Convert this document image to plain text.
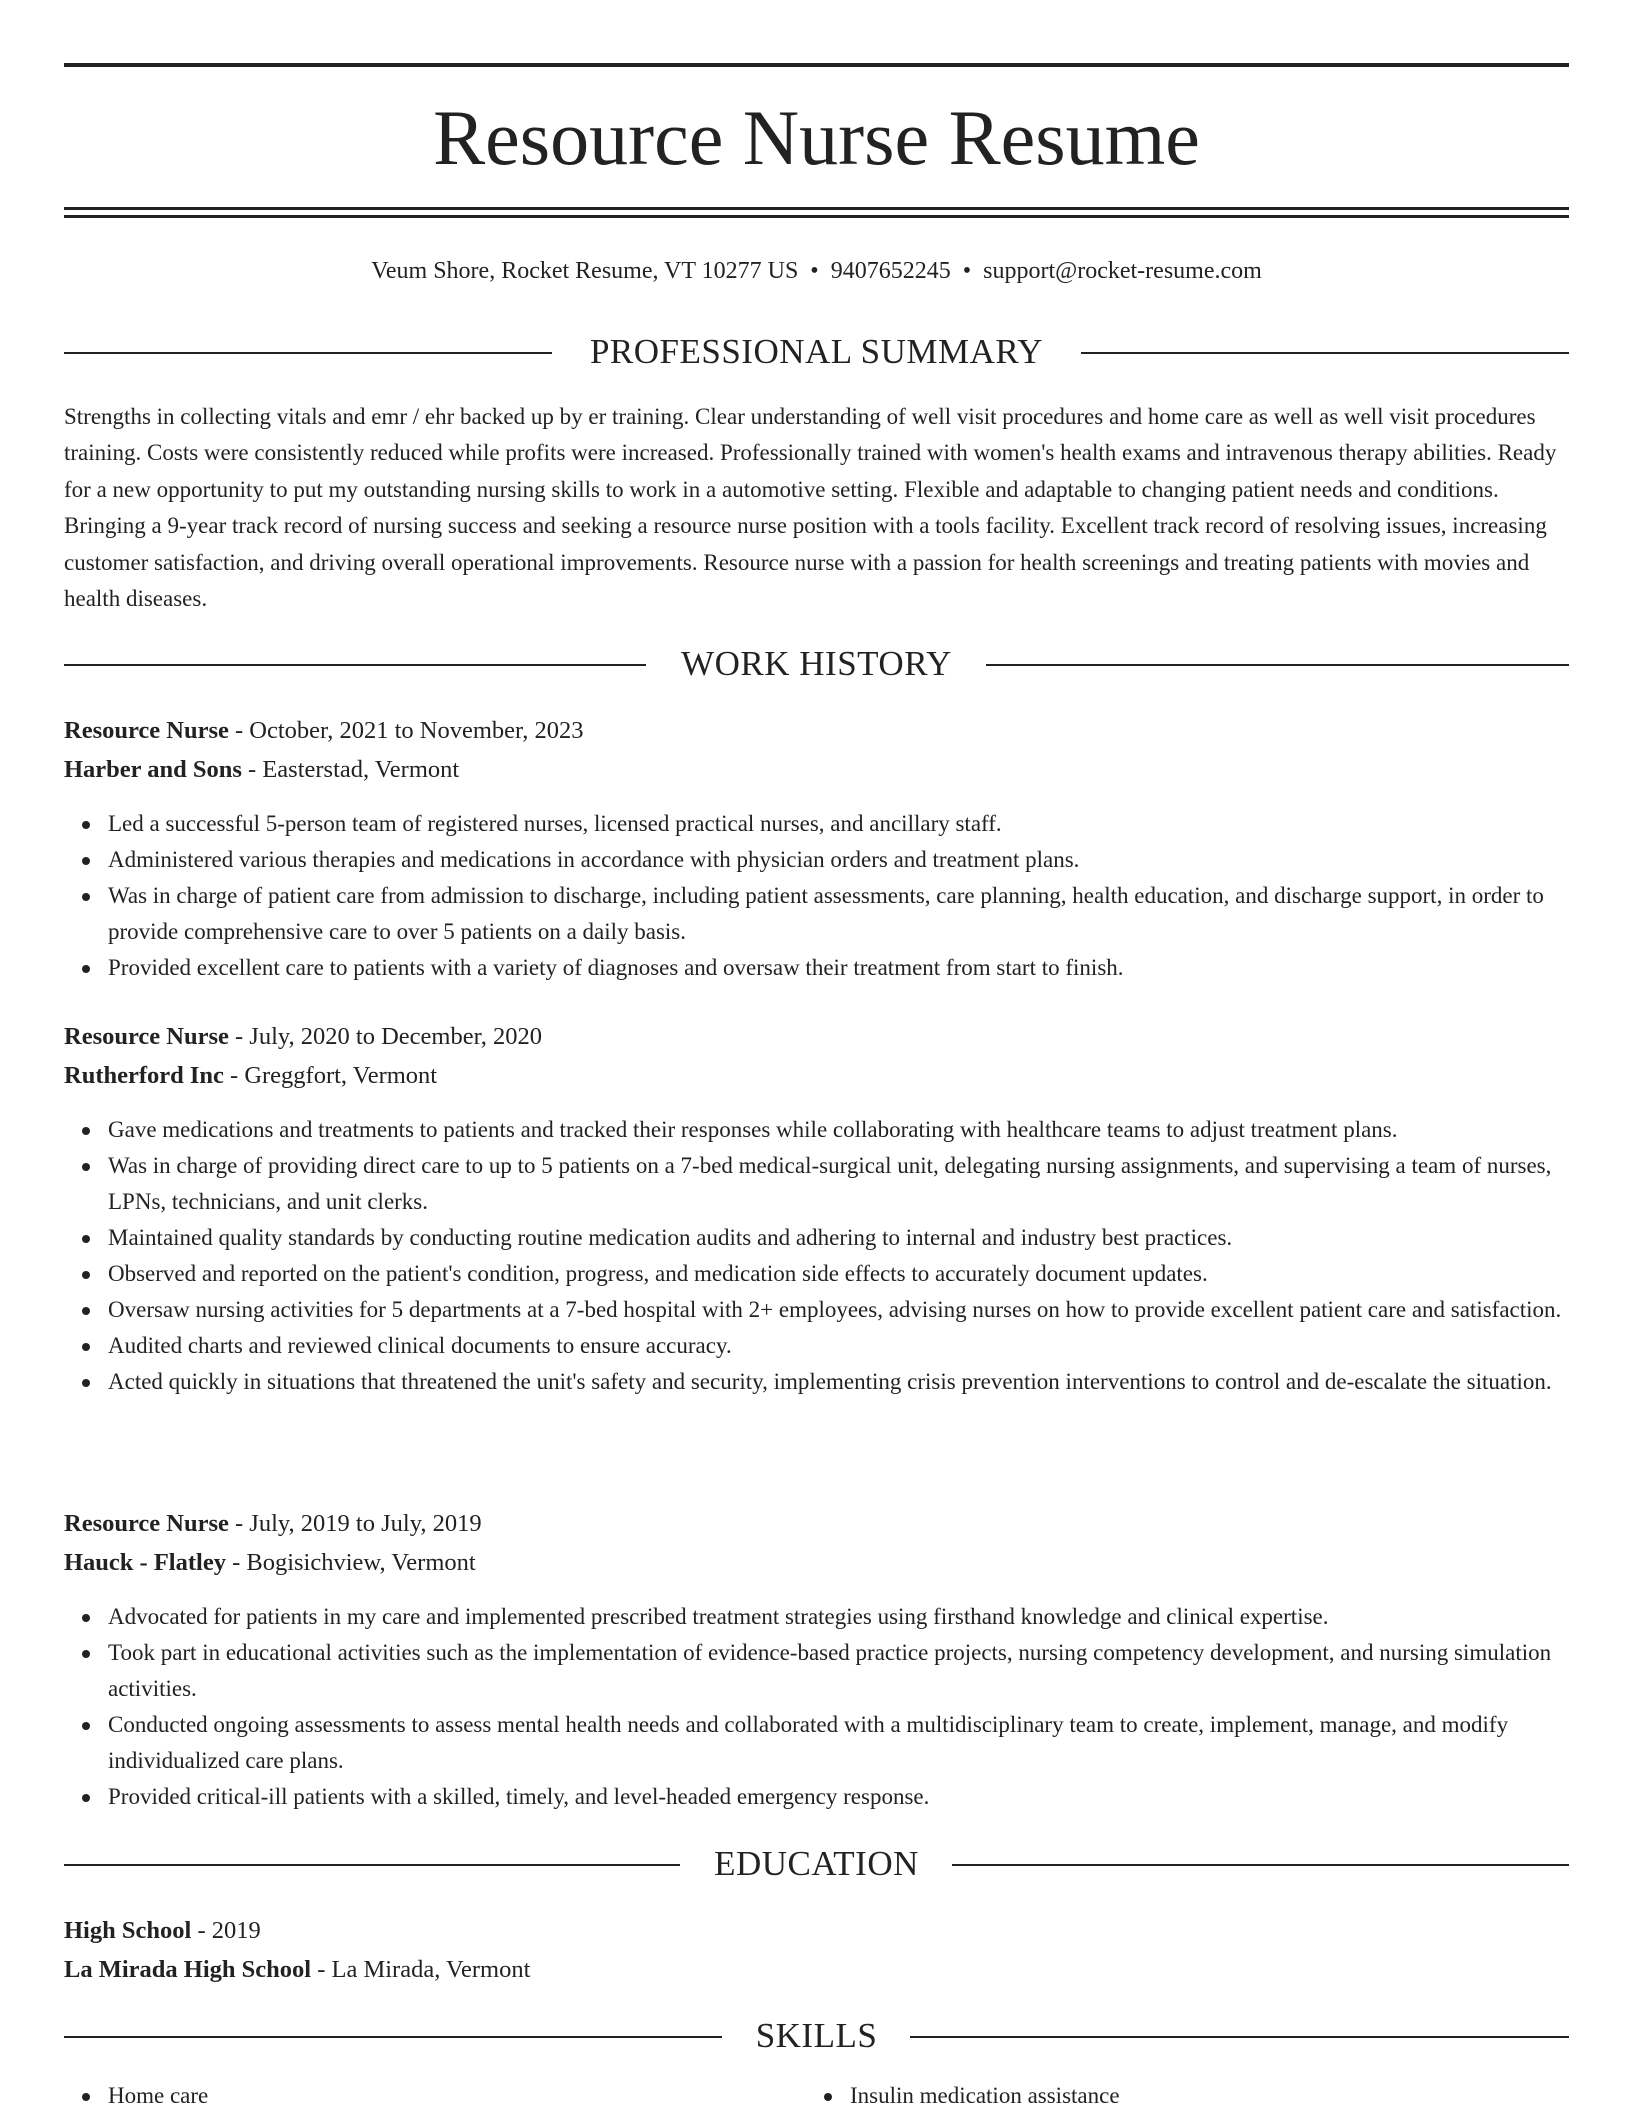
Resource Nurse Resume
Veum Shore, Rocket Resume, VT 10277 US • 9407652245 • support@rocket-resume.com
PROFESSIONAL SUMMARY

Strengths in collecting vitals and emr / ehr backed up by er training. Clear understanding of well visit procedures and home care as well as well visit procedures training. Costs were consistently reduced while profits were increased. Professionally trained with women's health exams and intravenous therapy abilities. Ready for a new opportunity to put my outstanding nursing skills to work in a automotive setting. Flexible and adaptable to changing patient needs and conditions. Bringing a 9-year track record of nursing success and seeking a resource nurse position with a tools facility. Excellent track record of resolving issues, increasing customer satisfaction, and driving overall operational improvements. Resource nurse with a passion for health screenings and treating patients with movies and health diseases.

WORK HISTORY
Resource Nurse - October, 2021 to November, 2023
Harber and Sons - Easterstad, Vermont
Led a successful 5-person team of registered nurses, licensed practical nurses, and ancillary staff.
Administered various therapies and medications in accordance with physician orders and treatment plans.
Was in charge of patient care from admission to discharge, including patient assessments, care planning, health education, and discharge support, in order to provide comprehensive care to over 5 patients on a daily basis.
Provided excellent care to patients with a variety of diagnoses and oversaw their treatment from start to finish.
Resource Nurse - July, 2020 to December, 2020
Rutherford Inc - Greggfort, Vermont
Gave medications and treatments to patients and tracked their responses while collaborating with healthcare teams to adjust treatment plans.
Was in charge of providing direct care to up to 5 patients on a 7-bed medical-surgical unit, delegating nursing assignments, and supervising a team of nurses, LPNs, technicians, and unit clerks.
Maintained quality standards by conducting routine medication audits and adhering to internal and industry best practices.
Observed and reported on the patient's condition, progress, and medication side effects to accurately document updates.
Oversaw nursing activities for 5 departments at a 7-bed hospital with 2+ employees, advising nurses on how to provide excellent patient care and satisfaction.
Audited charts and reviewed clinical documents to ensure accuracy.
Acted quickly in situations that threatened the unit's safety and security, implementing crisis prevention interventions to control and de-escalate the situation.
Resource Nurse - July, 2019 to July, 2019
Hauck - Flatley - Bogisichview, Vermont
Advocated for patients in my care and implemented prescribed treatment strategies using firsthand knowledge and clinical expertise.
Took part in educational activities such as the implementation of evidence-based practice projects, nursing competency development, and nursing simulation activities.
Conducted ongoing assessments to assess mental health needs and collaborated with a multidisciplinary team to create, implement, manage, and modify individualized care plans.
Provided critical-ill patients with a skilled, timely, and level-headed emergency response.
EDUCATION
High School - 2019
La Mirada High School - La Mirada, Vermont
SKILLS
Home care	Insulin medication assistance
